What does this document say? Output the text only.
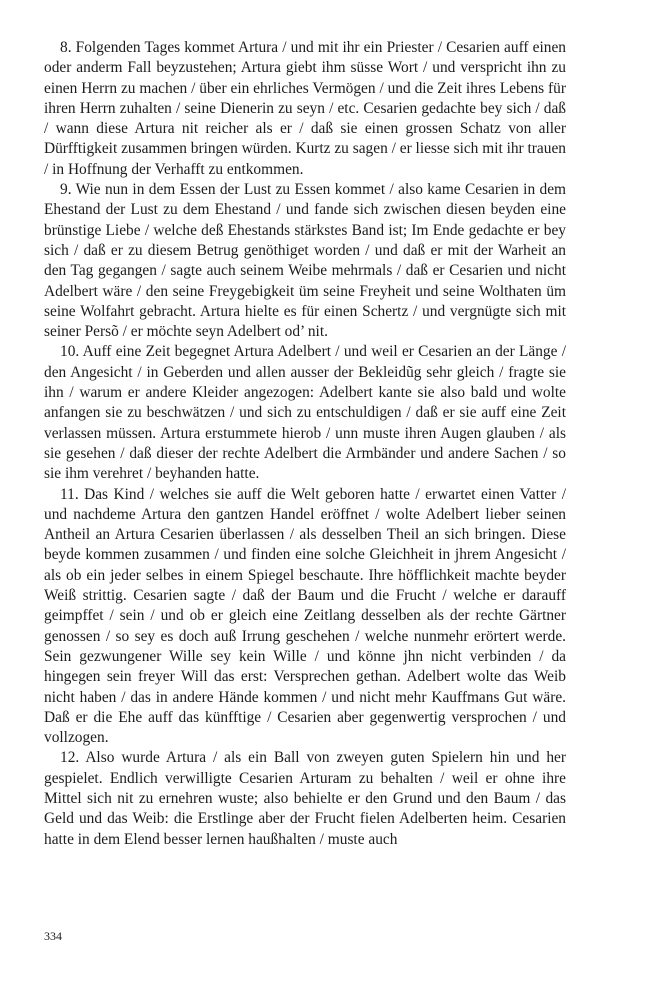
8. Folgenden Tages kommet Artura / und mit ihr ein Priester / Cesarien auff einen oder anderm Fall beyzustehen; Artura giebt ihm süsse Wort / und verspricht ihn zu einen Herrn zu machen / über ein ehrliches Vermögen / und die Zeit ihres Lebens für ihren Herrn zuhalten / seine Dienerin zu seyn / etc. Cesarien gedachte bey sich / daß / wann diese Artura nit reicher als er / daß sie einen grossen Schatz von aller Dürfftigkeit zusammen bringen würden. Kurtz zu sagen / er liesse sich mit ihr trauen / in Hoffnung der Verhafft zu entkommen.

9. Wie nun in dem Essen der Lust zu Essen kommet / also kame Cesarien in dem Ehestand der Lust zu dem Ehestand / und fande sich zwischen diesen beyden eine brünstige Liebe / welche deß Ehestands stärkstes Band ist; Im Ende gedachte er bey sich / daß er zu diesem Betrug genöthiget worden / und daß er mit der Warheit an den Tag gegangen / sagte auch seinem Weibe mehrmals / daß er Cesarien und nicht Adelbert wäre / den seine Freygebigkeit üm seine Freyheit und seine Wolthaten üm seine Wolfahrt gebracht. Artura hielte es für einen Schertz / und vergnügte sich mit seiner Persõ / er möchte seyn Adelbert od’ nit.

10. Auff eine Zeit begegnet Artura Adelbert / und weil er Cesarien an der Länge / den Angesicht / in Geberden und allen ausser der Bekleidũg sehr gleich / fragte sie ihn / warum er andere Kleider angezogen: Adelbert kante sie also bald und wolte anfangen sie zu beschwätzen / und sich zu entschuldigen / daß er sie auff eine Zeit verlassen müssen. Artura erstummete hierob / unn muste ihren Augen glauben / als sie gesehen / daß dieser der rechte Adelbert die Armbänder und andere Sachen / so sie ihm verehret / beyhanden hatte.

11. Das Kind / welches sie auff die Welt geboren hatte / erwartet einen Vatter / und nachdeme Artura den gantzen Handel eröffnet / wolte Adelbert lieber seinen Antheil an Artura Cesarien überlassen / als desselben Theil an sich bringen. Diese beyde kommen zusammen / und finden eine solche Gleichheit in jhrem Angesicht / als ob ein jeder selbes in einem Spiegel beschaute. Ihre höfflichkeit machte beyder Weiß strittig. Cesarien sagte / daß der Baum und die Frucht / welche er darauff geimpffet / sein / und ob er gleich eine Zeitlang desselben als der rechte Gärtner genossen / so sey es doch auß Irrung geschehen / welche nunmehr erörtert werde. Sein gezwungener Wille sey kein Wille / und könne jhn nicht verbinden / da hingegen sein freyer Will das erst: Versprechen gethan. Adelbert wolte das Weib nicht haben / das in andere Hände kommen / und nicht mehr Kauffmans Gut wäre. Daß er die Ehe auff das künfftige / Cesarien aber gegenwertig versprochen / und vollzogen.

12. Also wurde Artura / als ein Ball von zweyen guten Spielern hin und her gespielet. Endlich verwilligte Cesarien Arturam zu behalten / weil er ohne ihre Mittel sich nit zu ernehren wuste; also behielte er den Grund und den Baum / das Geld und das Weib: die Erstlinge aber der Frucht fielen Adelberten heim. Cesarien hatte in dem Elend besser lernen haußhalten / muste auch

334
